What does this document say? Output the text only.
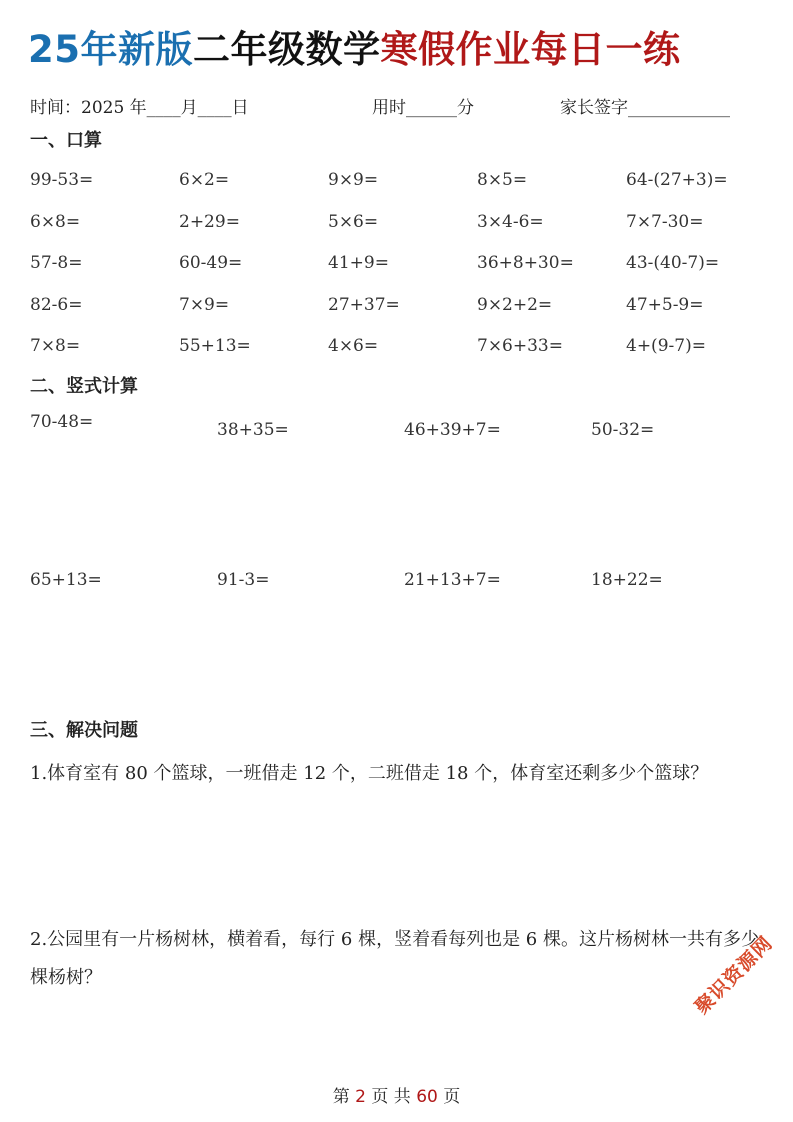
25年新版二年级数学寒假作业每日一练
时间：2025 年____月____日	用时______分	家长签字____________
一、口算
99-53=	6×2=	9×9=	8×5=	64-(27+3)=
6×8=	2+29=	5×6=	3×4-6=	7×7-30=
57-8=	60-49=	41+9=	36+8+30=	43-(40-7)=
82-6=	7×9=	27+37=	9×2+2=	47+5-9=
7×8=	55+13=	4×6=	7×6+33=	4+(9-7)=
二、竖式计算
70-48=	38+35=	46+39+7=	50-32=
65+13=	91-3=	21+13+7=	18+22=
三、解决问题
1.体育室有 80 个篮球，一班借走 12 个，二班借走 18 个，体育室还剩多少个篮球？
2.公园里有一片杨树林，横着看，每行 6 棵，竖着看每列也是 6 棵。这片杨树林一共有多少棵杨树？	聚识资源网
第 2 页 共 60 页
